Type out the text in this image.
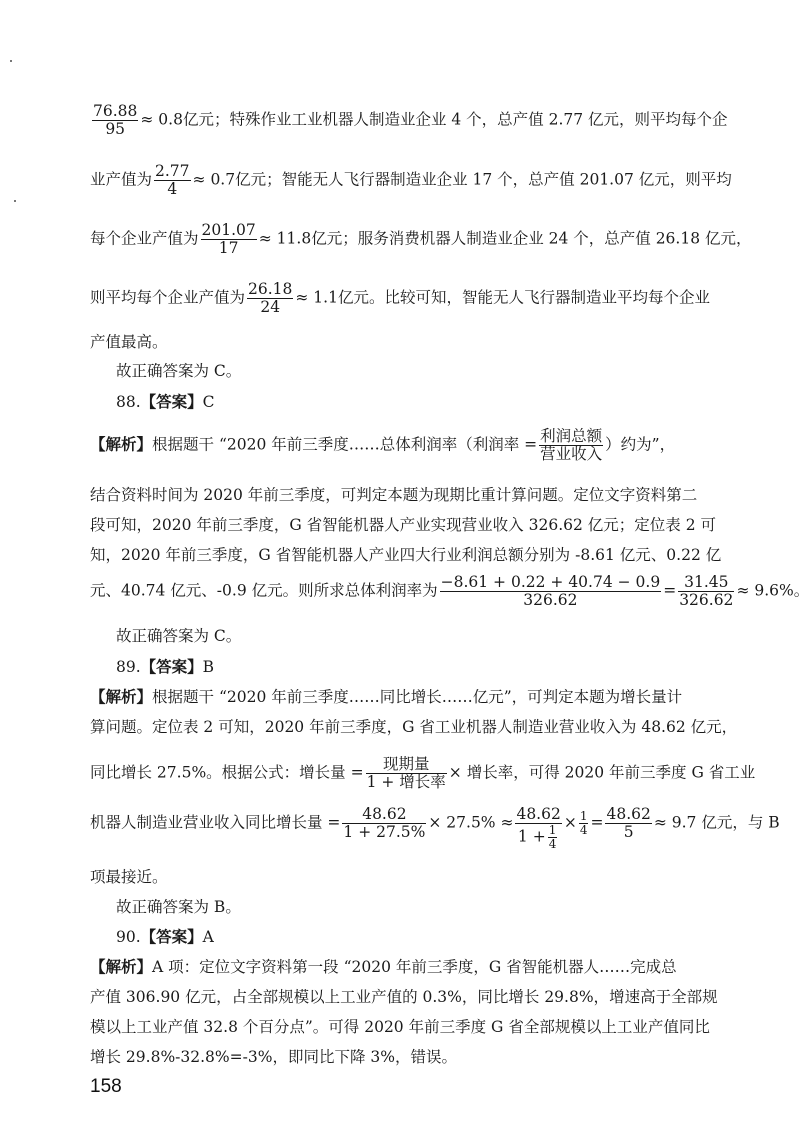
$\frac{76.88}{95} \approx 0.8$亿元；特殊作业工业机器人制造业企业 4 个，总产值 2.77 亿元，则平均每个企
业产值为 $\frac{2.77}{4} \approx 0.7$亿元；智能无人飞行器制造业企业 17 个，总产值 201.07 亿元，则平均
每个企业产值为 $\frac{201.07}{17} \approx 11.8$亿元；服务消费机器人制造业企业 24 个，总产值 26.18 亿元，
则平均每个企业产值为 $\frac{26.18}{24} \approx 1.1$亿元。比较可知，智能无人飞行器制造业平均每个企业
产值最高。
故正确答案为 C。
88.【答案】C
【解析】根据题干 “2020 年前三季度……总体利润率（利润率 = $\frac{\text{利润总额}}{\text{营业收入}}$ ）约为”，
结合资料时间为 2020 年前三季度，可判定本题为现期比重计算问题。定位文字资料第二
段可知，2020 年前三季度，G 省智能机器人产业实现营业收入 326.62 亿元；定位表 2 可
知，2020 年前三季度，G 省智能机器人产业四大行业利润总额分别为 -8.61 亿元、0.22 亿
元、40.74 亿元、-0.9 亿元。则所求总体利润率为 $\frac{-8.61 + 0.22 + 40.74 - 0.9}{326.62} = \frac{31.45}{326.62} \approx 9.6\%$。
故正确答案为 C。
89.【答案】B
【解析】根据题干 “2020 年前三季度……同比增长……亿元”，可判定本题为增长量计
算问题。定位表 2 可知，2020 年前三季度，G 省工业机器人制造业营业收入为 48.62 亿元，
同比增长 27.5%。根据公式：增长量 = $\frac{\text{现期量}}{\text{1 + 增长率}}$ × 增长率，可得 2020 年前三季度 G 省工业
机器人制造业营业收入同比增长量 = $\frac{48.62}{1 + 27.5\%} \times 27.5\% \approx \frac{48.62}{1 + \frac{1}{4}} \times \frac{1}{4} = \frac{48.62}{5} \approx 9.7$ 亿元，与 B
项最接近。
故正确答案为 B。
90.【答案】A
【解析】A 项：定位文字资料第一段 “2020 年前三季度，G 省智能机器人……完成总
产值 306.90 亿元，占全部规模以上工业产值的 0.3%，同比增长 29.8%，增速高于全部规
模以上工业产值 32.8 个百分点”。可得 2020 年前三季度 G 省全部规模以上工业产值同比
增长 29.8%-32.8%=-3%，即同比下降 3%，错误。
158
